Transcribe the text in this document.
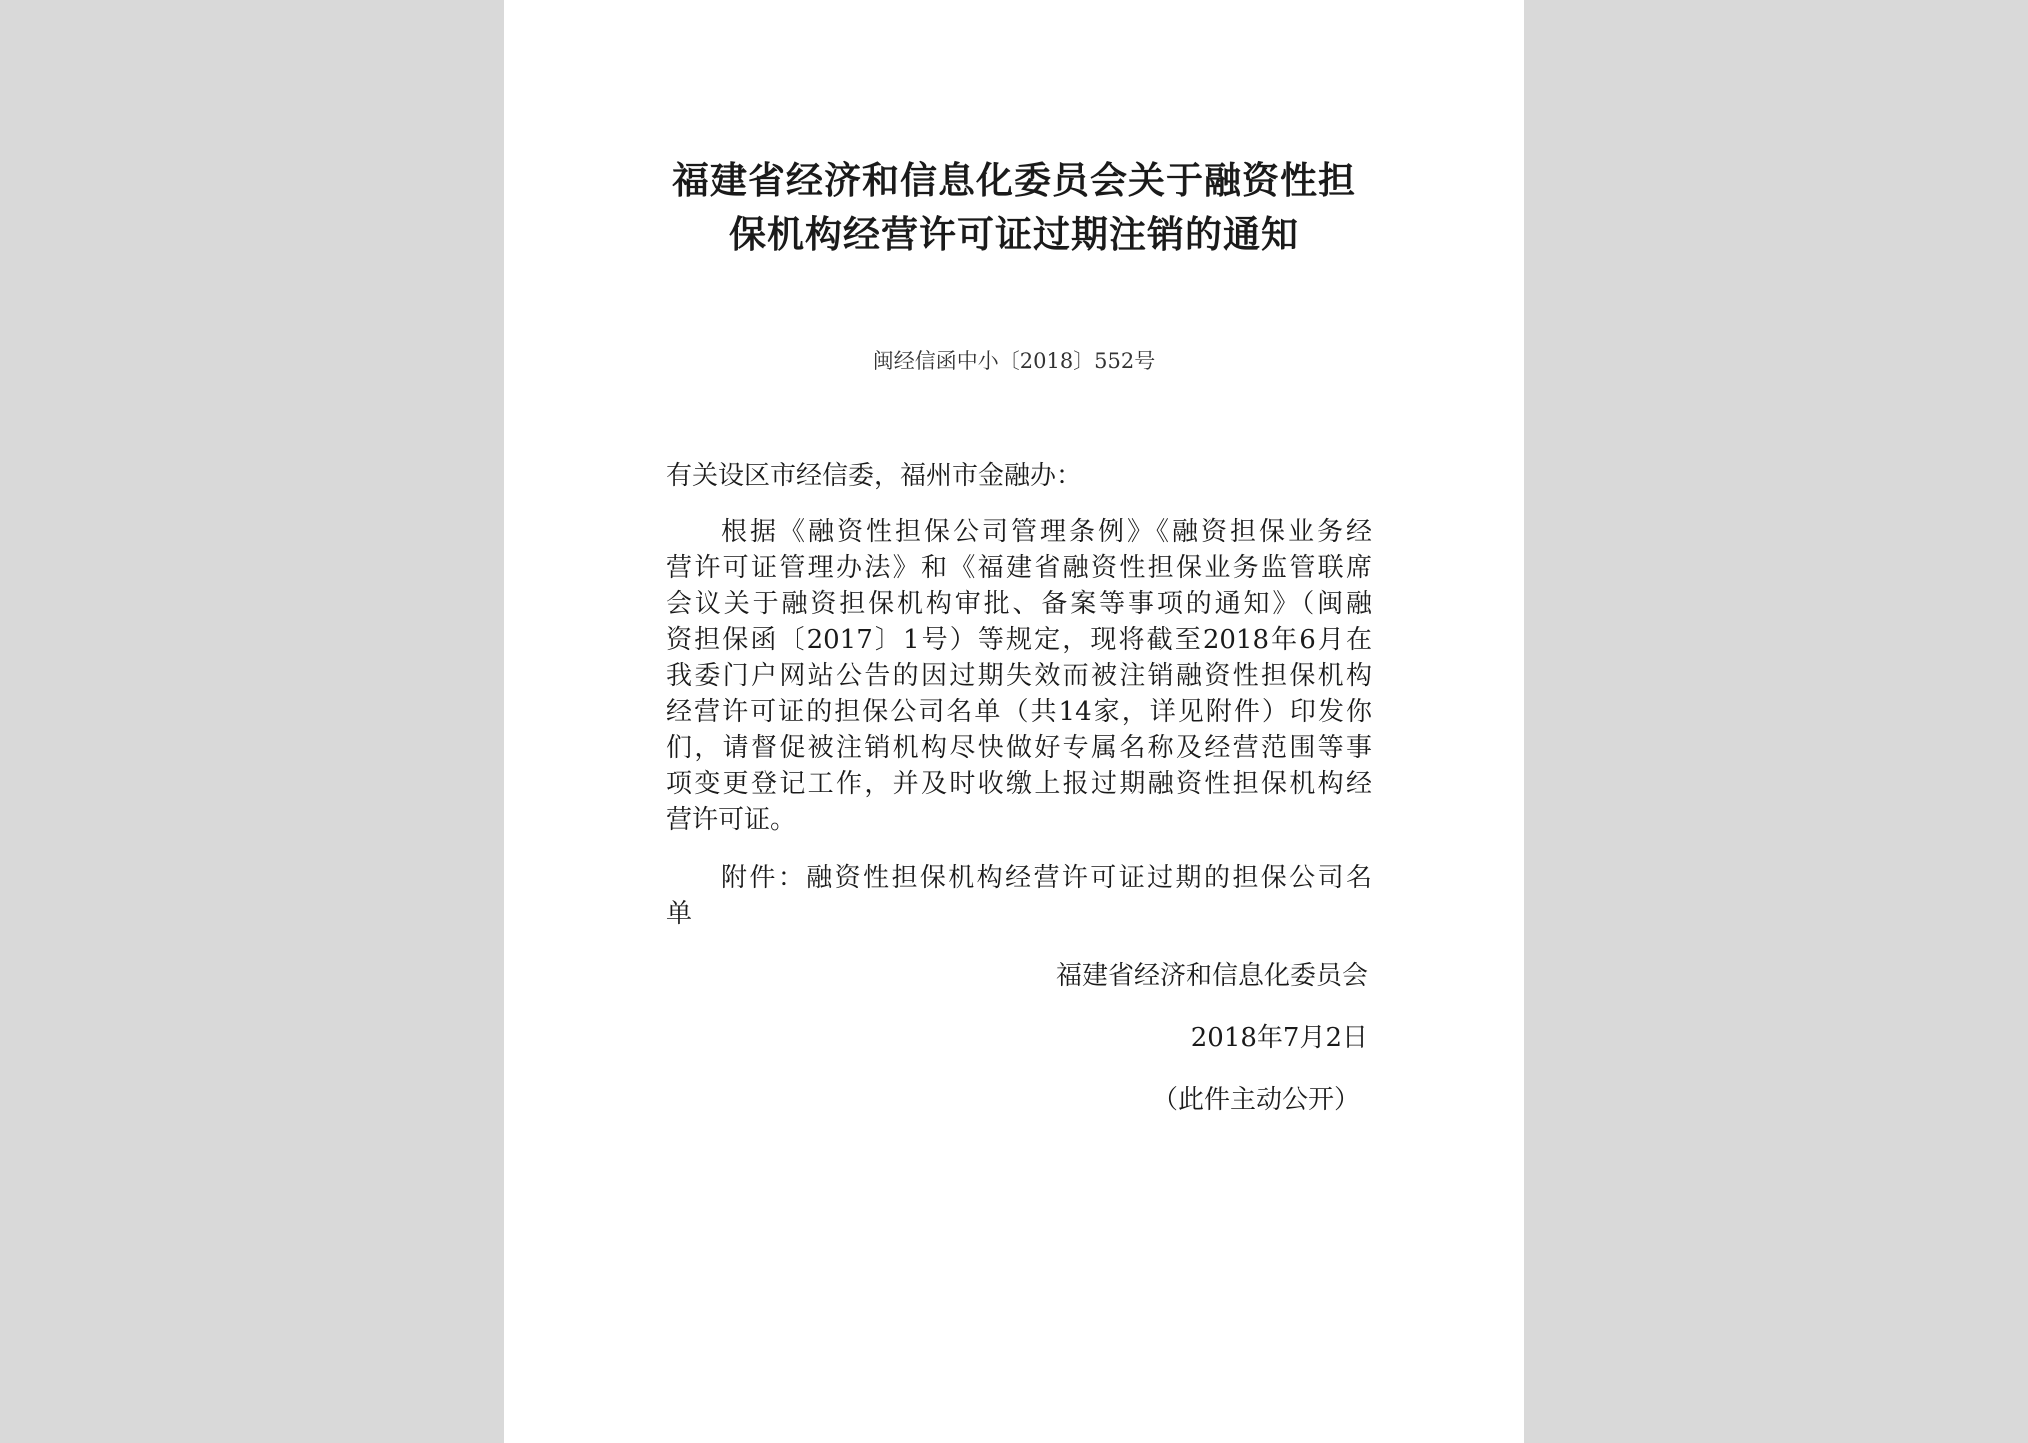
福建省经济和信息化委员会关于融资性担
保机构经营许可证过期注销的通知
闽经信函中小〔2018〕552号
有关设区市经信委，福州市金融办：
根据《融资性担保公司管理条例》《融资担保业务经
营许可证管理办法》和《福建省融资性担保业务监管联席
会议关于融资担保机构审批、备案等事项的通知》（闽融
资担保函〔2017〕1号）等规定，现将截至2018年6月在
我委门户网站公告的因过期失效而被注销融资性担保机构
经营许可证的担保公司名单（共14家，详见附件）印发你
们，请督促被注销机构尽快做好专属名称及经营范围等事
项变更登记工作，并及时收缴上报过期融资性担保机构经
营许可证。
附件：融资性担保机构经营许可证过期的担保公司名
单
福建省经济和信息化委员会
2018年7月2日
（此件主动公开）
